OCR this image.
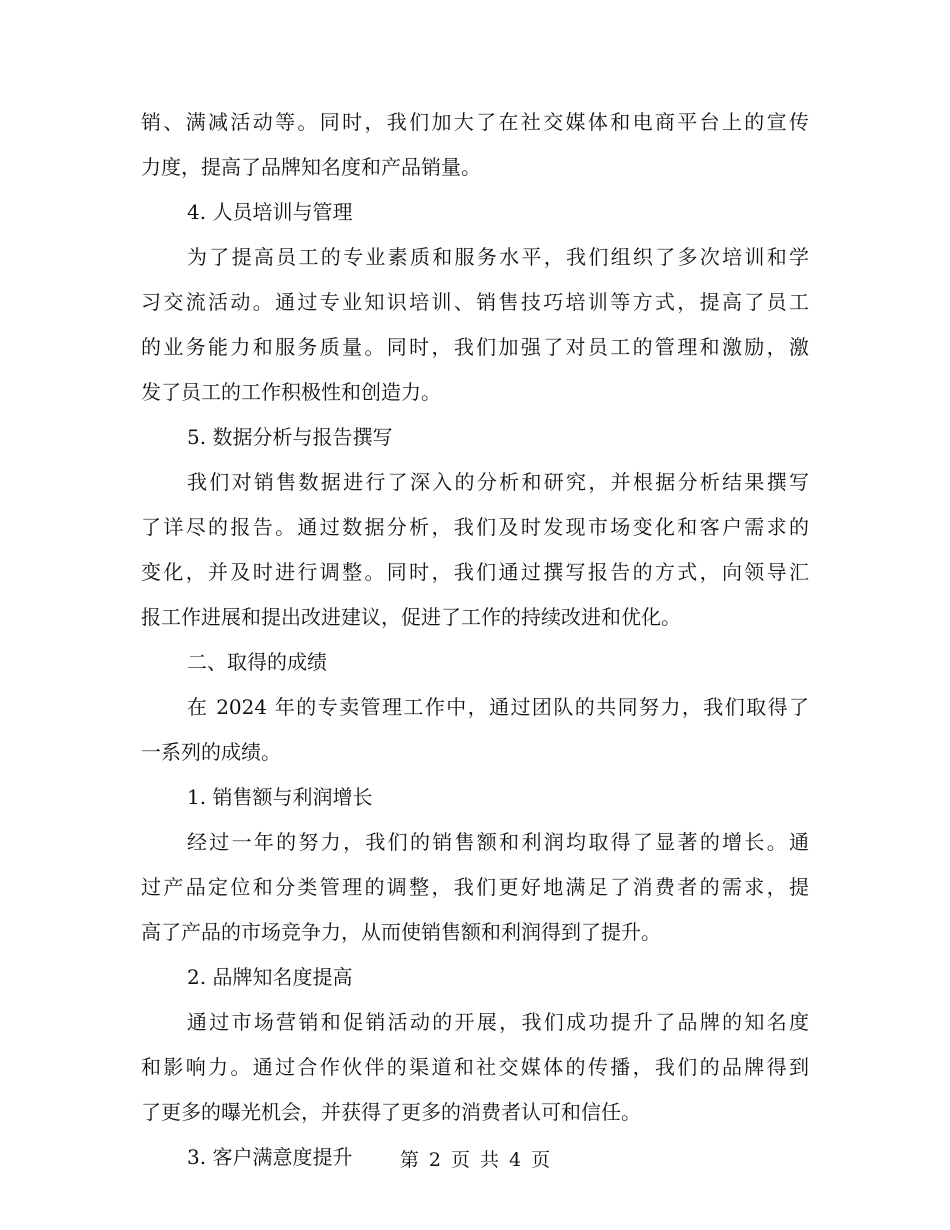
销、满减活动等。同时，我们加大了在社交媒体和电商平台上的宣传
力度，提高了品牌知名度和产品销量。
4. 人员培训与管理
为了提高员工的专业素质和服务水平，我们组织了多次培训和学
习交流活动。通过专业知识培训、销售技巧培训等方式，提高了员工
的业务能力和服务质量。同时，我们加强了对员工的管理和激励，激
发了员工的工作积极性和创造力。
5. 数据分析与报告撰写
我们对销售数据进行了深入的分析和研究，并根据分析结果撰写
了详尽的报告。通过数据分析，我们及时发现市场变化和客户需求的
变化，并及时进行调整。同时，我们通过撰写报告的方式，向领导汇
报工作进展和提出改进建议，促进了工作的持续改进和优化。
二、取得的成绩
在 2024 年的专卖管理工作中，通过团队的共同努力，我们取得了
一系列的成绩。
1. 销售额与利润增长
经过一年的努力，我们的销售额和利润均取得了显著的增长。通
过产品定位和分类管理的调整，我们更好地满足了消费者的需求，提
高了产品的市场竞争力，从而使销售额和利润得到了提升。
2. 品牌知名度提高
通过市场营销和促销活动的开展，我们成功提升了品牌的知名度
和影响力。通过合作伙伴的渠道和社交媒体的传播，我们的品牌得到
了更多的曝光机会，并获得了更多的消费者认可和信任。
3. 客户满意度提升	第 2 页 共 4 页
